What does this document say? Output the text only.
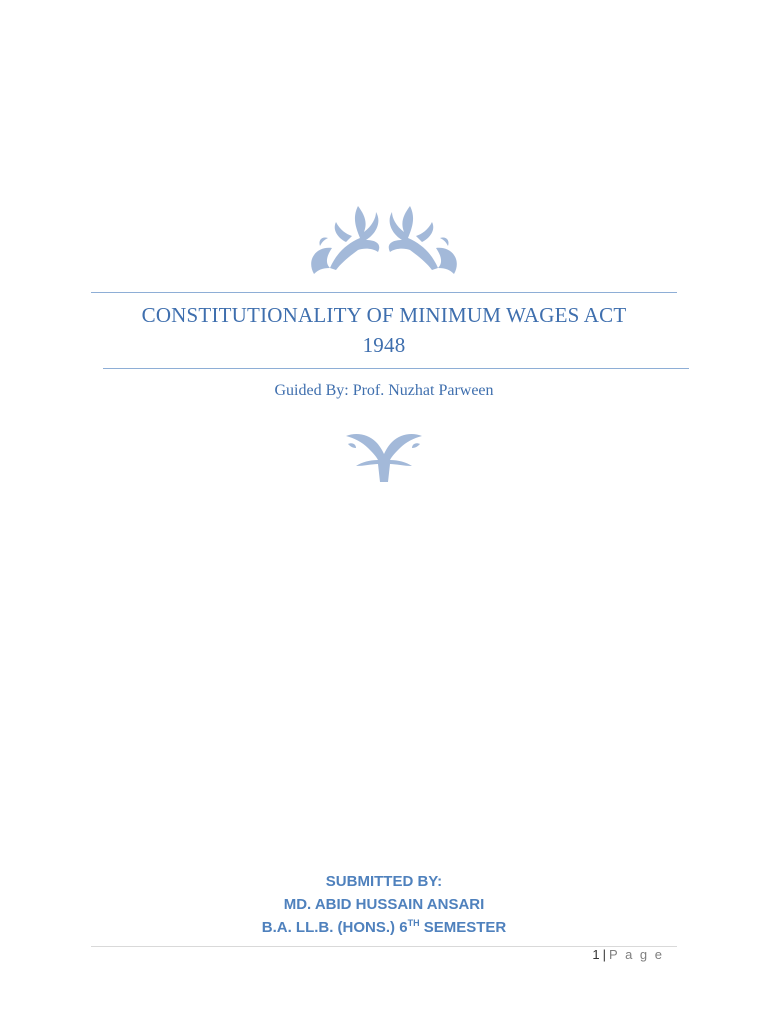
CONSTITUTIONALITY OF MINIMUM WAGES ACT
1948
Guided By: Prof. Nuzhat Parween
SUBMITTED BY:
MD. ABID HUSSAIN ANSARI
B.A. LL.B. (HONS.) 6TH SEMESTER
1 | P a g e
